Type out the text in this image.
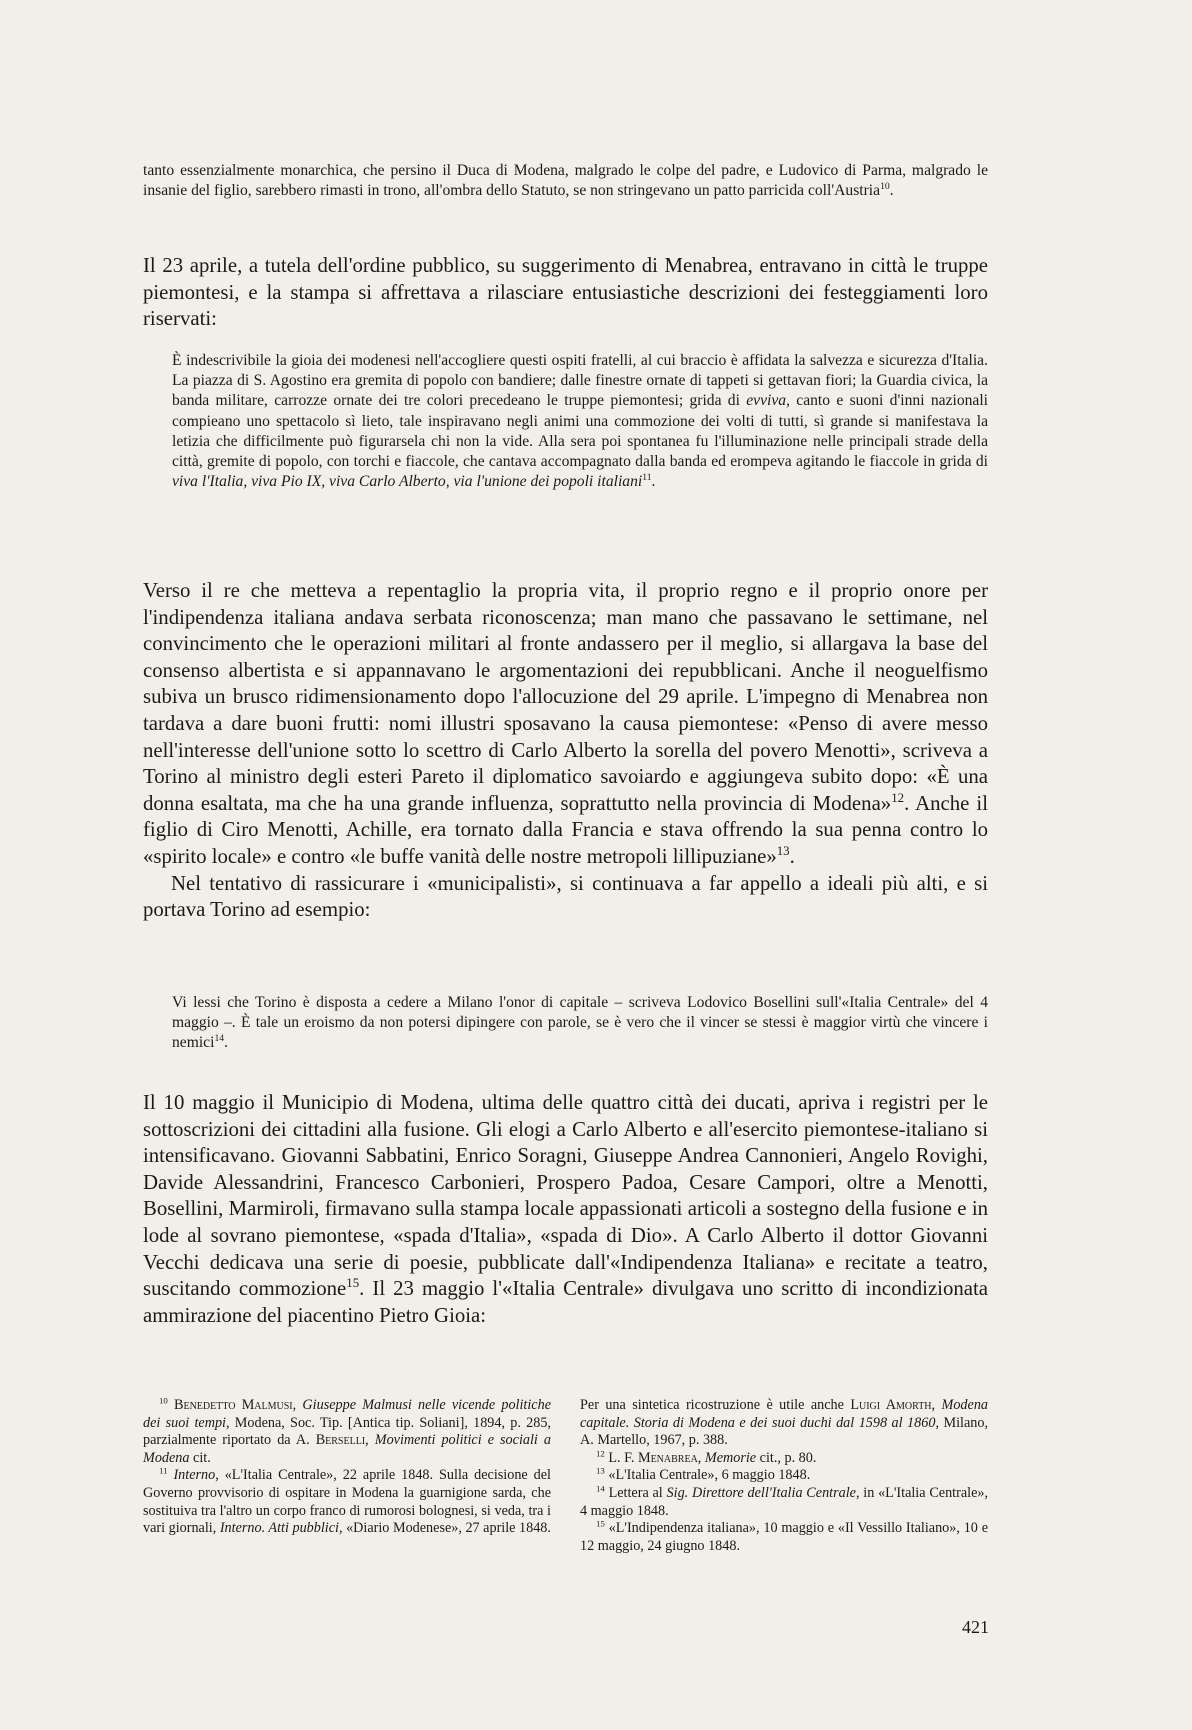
tanto essenzialmente monarchica, che persino il Duca di Modena, malgrado le colpe del padre, e Ludovico di Parma, malgrado le insanie del figlio, sarebbero rimasti in trono, all'ombra dello Statuto, se non stringevano un patto parricida coll'Austria$^{10}$.

Il 23 aprile, a tutela dell'ordine pubblico, su suggerimento di Menabrea, entravano in città le truppe piemontesi, e la stampa si affrettava a rilasciare entusiastiche descrizioni dei festeggiamenti loro riservati:

È indescrivibile la gioia dei modenesi nell'accogliere questi ospiti fratelli, al cui braccio è affidata la salvezza e sicurezza d'Italia. La piazza di S. Agostino era gremita di popolo con bandiere; dalle finestre ornate di tappeti si gettavan fiori; la Guardia civica, la banda militare, carrozze ornate dei tre colori precedeano le truppe piemontesi; grida di evviva, canto e suoni d'inni nazionali compieano uno spettacolo sì lieto, tale inspiravano negli animi una commozione dei volti di tutti, sì grande si manifestava la letizia che difficilmente può figurarsela chi non la vide. Alla sera poi spontanea fu l'illuminazione nelle principali strade della città, gremite di popolo, con torchi e fiaccole, che cantava accompagnato dalla banda ed erompeva agitando le fiaccole in grida di viva l'Italia, viva Pio IX, viva Carlo Alberto, via l'unione dei popoli italiani$^{11}$.

Verso il re che metteva a repentaglio la propria vita, il proprio regno e il proprio onore per l'indipendenza italiana andava serbata riconoscenza; man mano che passavano le settimane, nel convincimento che le operazioni militari al fronte andassero per il meglio, si allargava la base del consenso albertista e si appannavano le argomentazioni dei repubblicani. Anche il neoguelfismo subiva un brusco ridimensionamento dopo l'allocuzione del 29 aprile. L'impegno di Menabrea non tardava a dare buoni frutti: nomi illustri sposavano la causa piemontese: «Penso di avere messo nell'interesse dell'unione sotto lo scettro di Carlo Alberto la sorella del povero Menotti», scriveva a Torino al ministro degli esteri Pareto il diplomatico savoiardo e aggiungeva subito dopo: «È una donna esaltata, ma che ha una grande influenza, soprattutto nella provincia di Modena»$^{12}$. Anche il figlio di Ciro Menotti, Achille, era tornato dalla Francia e stava offrendo la sua penna contro lo «spirito locale» e contro «le buffe vanità delle nostre metropoli lillipuziane»$^{13}$.

Nel tentativo di rassicurare i «municipalisti», si continuava a far appello a ideali più alti, e si portava Torino ad esempio:

Vi lessi che Torino è disposta a cedere a Milano l'onor di capitale – scriveva Lodovico Bosellini sull'«Italia Centrale» del 4 maggio –. È tale un eroismo da non potersi dipingere con parole, se è vero che il vincer se stessi è maggior virtù che vincere i nemici$^{14}$.

Il 10 maggio il Municipio di Modena, ultima delle quattro città dei ducati, apriva i registri per le sottoscrizioni dei cittadini alla fusione. Gli elogi a Carlo Alberto e all'esercito piemontese-italiano si intensificavano. Giovanni Sabbatini, Enrico Soragni, Giuseppe Andrea Cannonieri, Angelo Rovighi, Davide Alessandrini, Francesco Carbonieri, Prospero Padoa, Cesare Campori, oltre a Menotti, Bosellini, Marmiroli, firmavano sulla stampa locale appassionati articoli a sostegno della fusione e in lode al sovrano piemontese, «spada d'Italia», «spada di Dio». A Carlo Alberto il dottor Giovanni Vecchi dedicava una serie di poesie, pubblicate dall'«Indipendenza Italiana» e recitate a teatro, suscitando commozione$^{15}$. Il 23 maggio l'«Italia Centrale» divulgava uno scritto di incondizionata ammirazione del piacentino Pietro Gioia:

$^{10}$ Benedetto Malmusi, Giuseppe Malmusi nelle vicende politiche dei suoi tempi, Modena, Soc. Tip. [Antica tip. Soliani], 1894, p. 285, parzialmente riportato da A. Berselli, Movimenti politici e sociali a Modena cit.

$^{11}$ Interno, «L'Italia Centrale», 22 aprile 1848. Sulla decisione del Governo provvisorio di ospitare in Modena la guarnigione sarda, che sostituiva tra l'altro un corpo franco di rumorosi bolognesi, si veda, tra i vari giornali, Interno. Atti pubblici, «Diario Modenese», 27 aprile 1848.

Per una sintetica ricostruzione è utile anche Luigi Amorth, Modena capitale. Storia di Modena e dei suoi duchi dal 1598 al 1860, Milano, A. Martello, 1967, p. 388.

$^{12}$ L. F. Menabrea, Memorie cit., p. 80.

$^{13}$ «L'Italia Centrale», 6 maggio 1848.

$^{14}$ Lettera al Sig. Direttore dell'Italia Centrale, in «L'Italia Centrale», 4 maggio 1848.

$^{15}$ «L'Indipendenza italiana», 10 maggio e «Il Vessillo Italiano», 10 e 12 maggio, 24 giugno 1848.

421
